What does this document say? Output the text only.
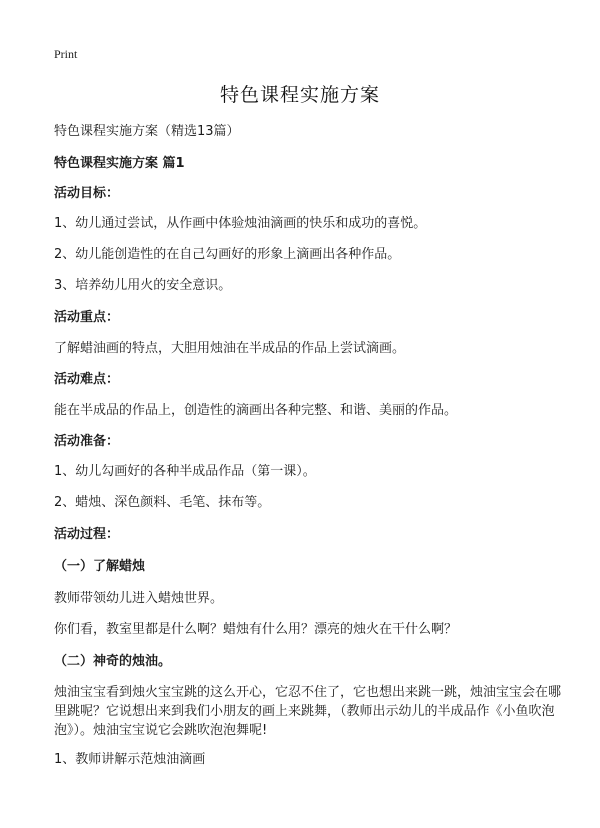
Print
特色课程实施方案
特色课程实施方案（精选13篇）
特色课程实施方案 篇1
活动目标：
1、幼儿通过尝试，从作画中体验烛油滴画的快乐和成功的喜悦。
2、幼儿能创造性的在自己勾画好的形象上滴画出各种作品。
3、培养幼儿用火的安全意识。
活动重点：
了解蜡油画的特点，大胆用烛油在半成品的作品上尝试滴画。
活动难点：
能在半成品的作品上，创造性的滴画出各种完整、和谐、美丽的作品。
活动准备：
1、幼儿勾画好的各种半成品作品（第一课）。
2、蜡烛、深色颜料、毛笔、抹布等。
活动过程：
（一）了解蜡烛
教师带领幼儿进入蜡烛世界。
你们看，教室里都是什么啊？蜡烛有什么用？漂亮的烛火在干什么啊？
（二）神奇的烛油。
烛油宝宝看到烛火宝宝跳的这么开心，它忍不住了，它也想出来跳一跳，烛油宝宝会在哪里跳呢？它说想出来到我们小朋友的画上来跳舞，（教师出示幼儿的半成品作《小鱼吹泡泡》）。烛油宝宝说它会跳吹泡泡舞呢!
1、教师讲解示范烛油滴画
